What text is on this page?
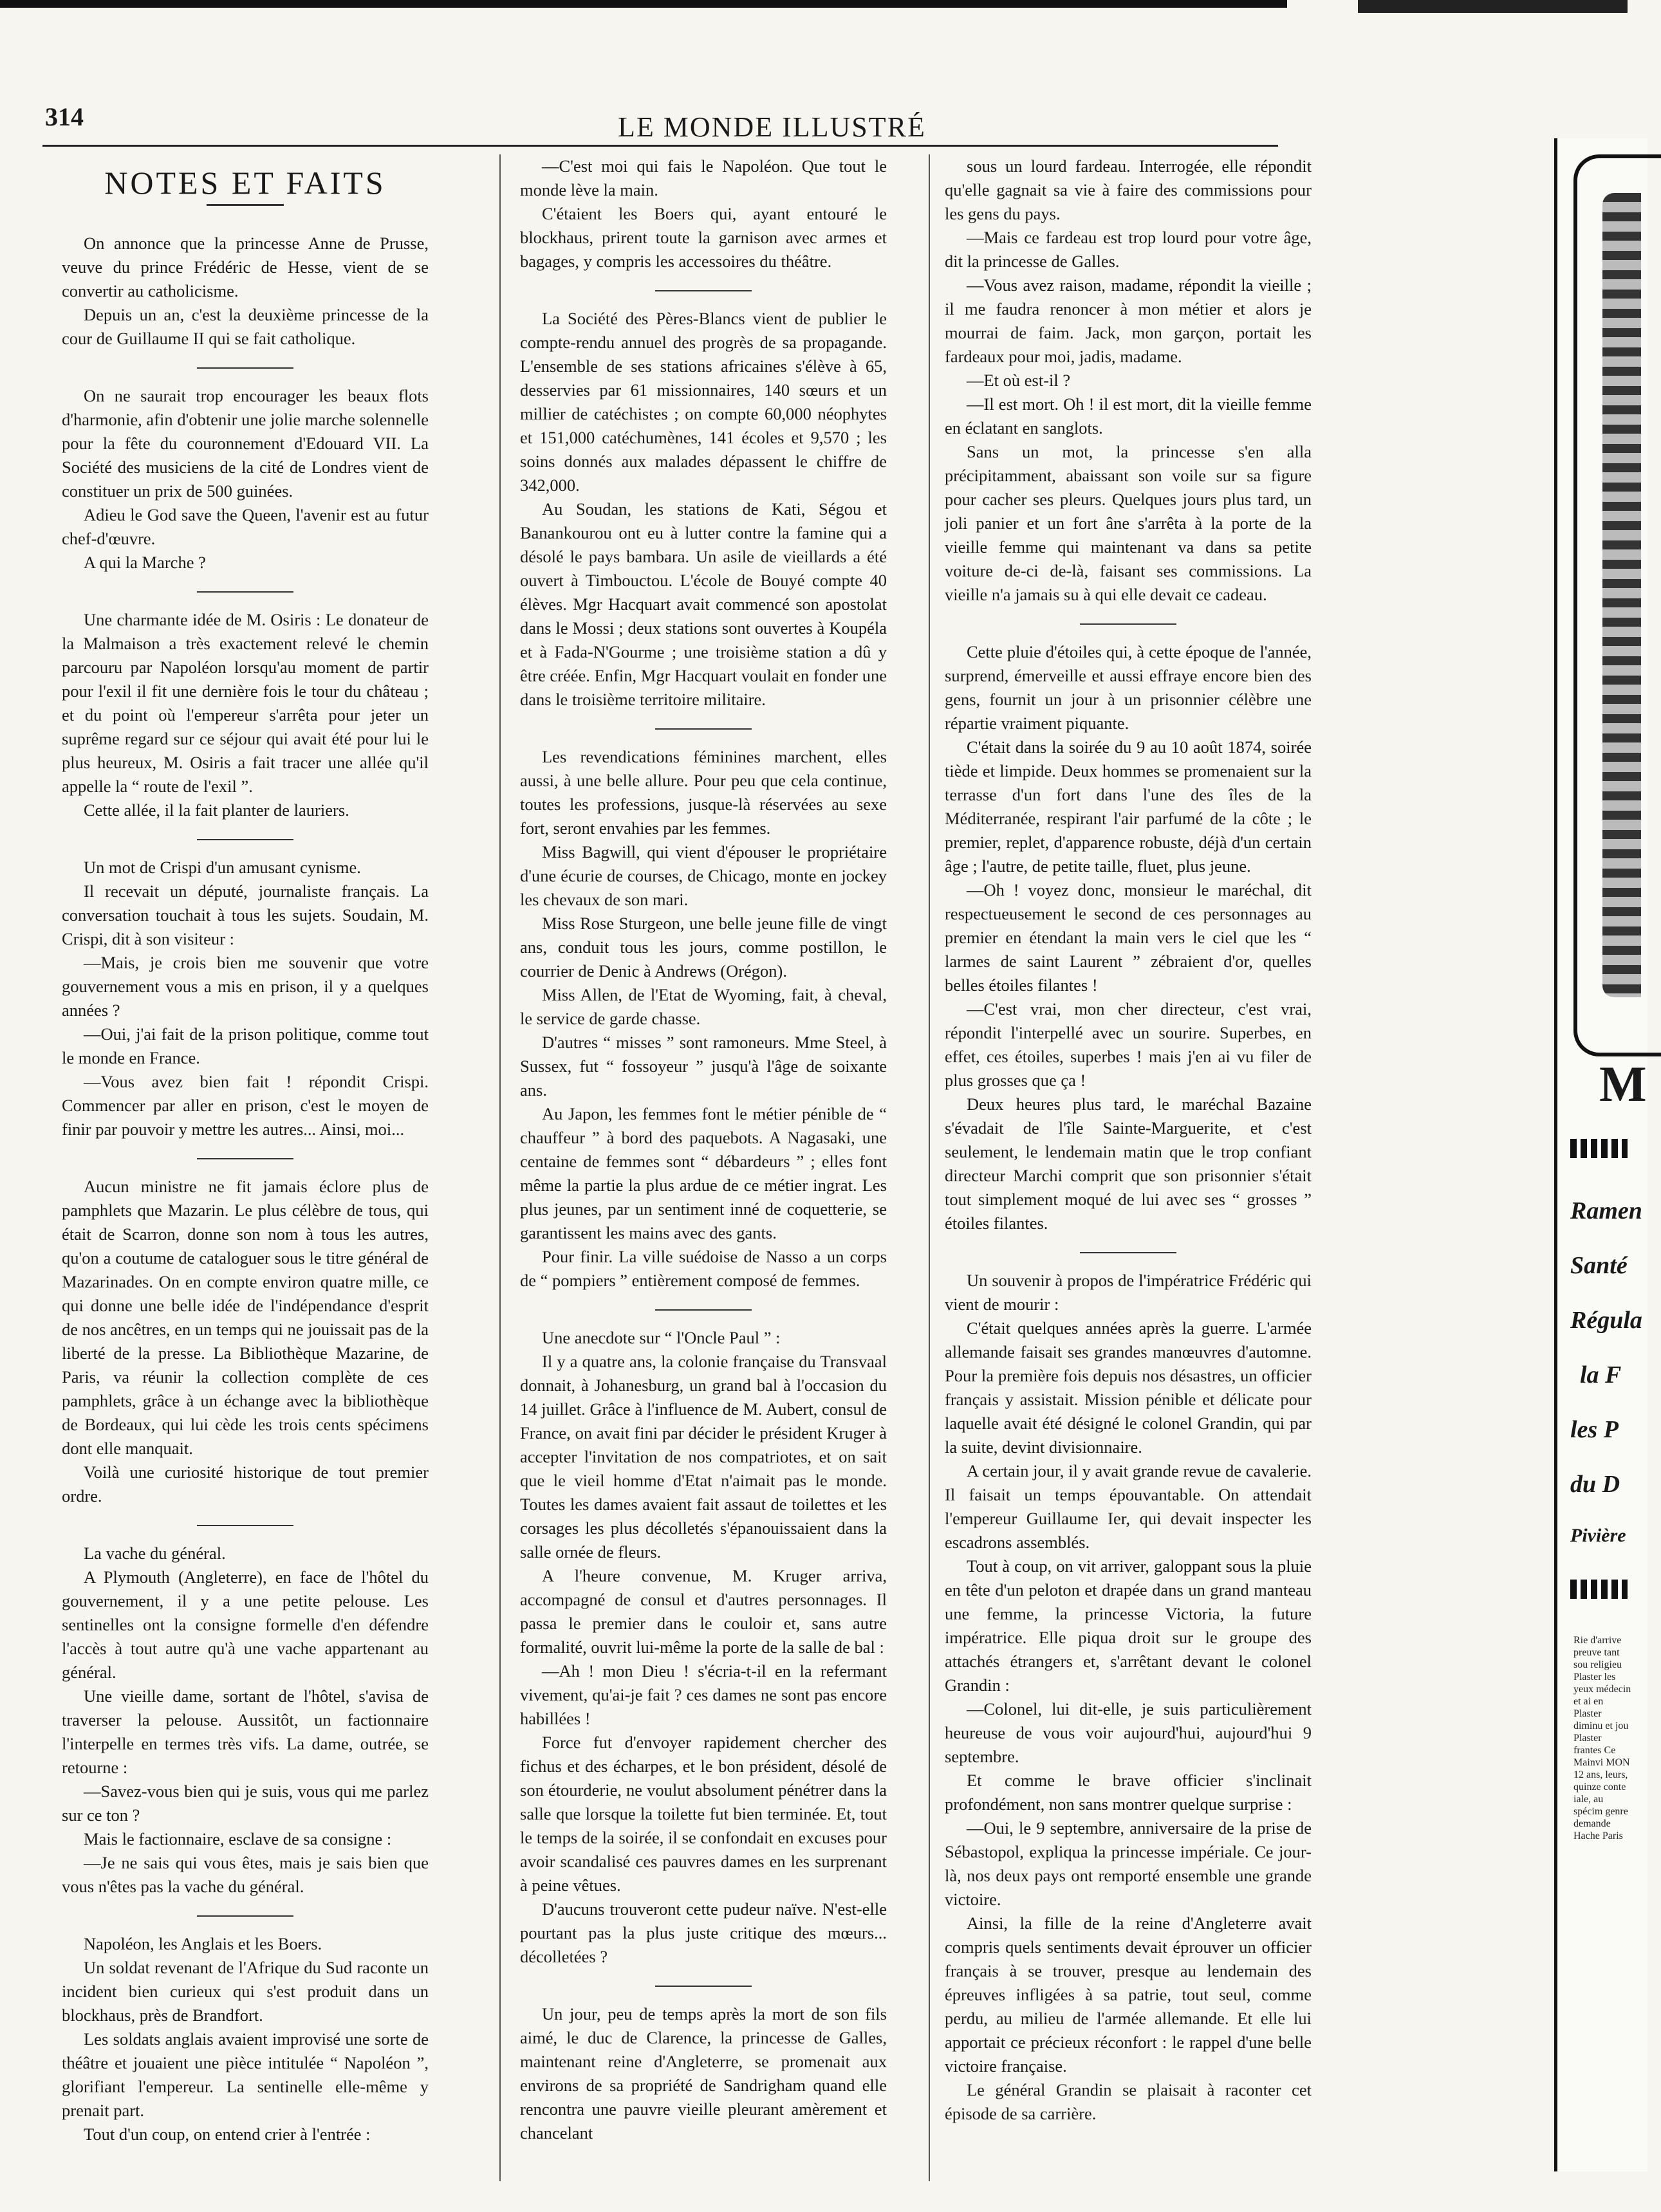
314	LE MONDE ILLUSTRÉ
NOTES ET FAITS

On annonce que la princesse Anne de Prusse, veuve du prince Frédéric de Hesse, vient de se convertir au catholicisme.

Depuis un an, c'est la deuxième princesse de la cour de Guillaume II qui se fait catholique.

On ne saurait trop encourager les beaux flots d'harmonie, afin d'obtenir une jolie marche solennelle pour la fête du couronnement d'Edouard VII. La Société des musiciens de la cité de Londres vient de constituer un prix de 500 guinées.

Adieu le God save the Queen, l'avenir est au futur chef-d'œuvre.

A qui la Marche ?

Une charmante idée de M. Osiris : Le donateur de la Malmaison a très exactement relevé le chemin parcouru par Napoléon lorsqu'au moment de partir pour l'exil il fit une dernière fois le tour du château ; et du point où l'empereur s'arrêta pour jeter un suprême regard sur ce séjour qui avait été pour lui le plus heureux, M. Osiris a fait tracer une allée qu'il appelle la “ route de l'exil ”.

Cette allée, il la fait planter de lauriers.

Un mot de Crispi d'un amusant cynisme.

Il recevait un député, journaliste français. La conversation touchait à tous les sujets. Soudain, M. Crispi, dit à son visiteur :

—Mais, je crois bien me souvenir que votre gouvernement vous a mis en prison, il y a quelques années ?

—Oui, j'ai fait de la prison politique, comme tout le monde en France.

—Vous avez bien fait ! répondit Crispi. Commencer par aller en prison, c'est le moyen de finir par pouvoir y mettre les autres... Ainsi, moi...

Aucun ministre ne fit jamais éclore plus de pamphlets que Mazarin. Le plus célèbre de tous, qui était de Scarron, donne son nom à tous les autres, qu'on a coutume de cataloguer sous le titre général de Mazarinades. On en compte environ quatre mille, ce qui donne une belle idée de l'indépendance d'esprit de nos ancêtres, en un temps qui ne jouissait pas de la liberté de la presse. La Bibliothèque Mazarine, de Paris, va réunir la collection complète de ces pamphlets, grâce à un échange avec la bibliothèque de Bordeaux, qui lui cède les trois cents spécimens dont elle manquait.

Voilà une curiosité historique de tout premier ordre.

La vache du général.

A Plymouth (Angleterre), en face de l'hôtel du gouvernement, il y a une petite pelouse. Les sentinelles ont la consigne formelle d'en défendre l'accès à tout autre qu'à une vache appartenant au général.

Une vieille dame, sortant de l'hôtel, s'avisa de traverser la pelouse. Aussitôt, un factionnaire l'interpelle en termes très vifs. La dame, outrée, se retourne :

—Savez-vous bien qui je suis, vous qui me parlez sur ce ton ?

Mais le factionnaire, esclave de sa consigne :

—Je ne sais qui vous êtes, mais je sais bien que vous n'êtes pas la vache du général.

Napoléon, les Anglais et les Boers.

Un soldat revenant de l'Afrique du Sud raconte un incident bien curieux qui s'est produit dans un blockhaus, près de Brandfort.

Les soldats anglais avaient improvisé une sorte de théâtre et jouaient une pièce intitulée “ Napoléon ”, glorifiant l'empereur. La sentinelle elle-même y prenait part.

Tout d'un coup, on entend crier à l'entrée :

—C'est moi qui fais le Napoléon. Que tout le monde lève la main.

C'étaient les Boers qui, ayant entouré le blockhaus, prirent toute la garnison avec armes et bagages, y compris les accessoires du théâtre.

La Société des Pères-Blancs vient de publier le compte-rendu annuel des progrès de sa propagande. L'ensemble de ses stations africaines s'élève à 65, desservies par 61 missionnaires, 140 sœurs et un millier de catéchistes ; on compte 60,000 néophytes et 151,000 catéchumènes, 141 écoles et 9,570 ; les soins donnés aux malades dépassent le chiffre de 342,000.

Au Soudan, les stations de Kati, Ségou et Banankourou ont eu à lutter contre la famine qui a désolé le pays bambara. Un asile de vieillards a été ouvert à Timbouctou. L'école de Bouyé compte 40 élèves. Mgr Hacquart avait commencé son apostolat dans le Mossi ; deux stations sont ouvertes à Koupéla et à Fada-N'Gourme ; une troisième station a dû y être créée. Enfin, Mgr Hacquart voulait en fonder une dans le troisième territoire militaire.

Les revendications féminines marchent, elles aussi, à une belle allure. Pour peu que cela continue, toutes les professions, jusque-là réservées au sexe fort, seront envahies par les femmes.

Miss Bagwill, qui vient d'épouser le propriétaire d'une écurie de courses, de Chicago, monte en jockey les chevaux de son mari.

Miss Rose Sturgeon, une belle jeune fille de vingt ans, conduit tous les jours, comme postillon, le courrier de Denic à Andrews (Orégon).

Miss Allen, de l'Etat de Wyoming, fait, à cheval, le service de garde chasse.

D'autres “ misses ” sont ramoneurs. Mme Steel, à Sussex, fut “ fossoyeur ” jusqu'à l'âge de soixante ans.

Au Japon, les femmes font le métier pénible de “ chauffeur ” à bord des paquebots. A Nagasaki, une centaine de femmes sont “ débardeurs ” ; elles font même la partie la plus ardue de ce métier ingrat. Les plus jeunes, par un sentiment inné de coquetterie, se garantissent les mains avec des gants.

Pour finir. La ville suédoise de Nasso a un corps de “ pompiers ” entièrement composé de femmes.

Une anecdote sur “ l'Oncle Paul ” :

Il y a quatre ans, la colonie française du Transvaal donnait, à Johanesburg, un grand bal à l'occasion du 14 juillet. Grâce à l'influence de M. Aubert, consul de France, on avait fini par décider le président Kruger à accepter l'invitation de nos compatriotes, et on sait que le vieil homme d'Etat n'aimait pas le monde. Toutes les dames avaient fait assaut de toilettes et les corsages les plus décolletés s'épanouissaient dans la salle ornée de fleurs.

A l'heure convenue, M. Kruger arriva, accompagné de consul et d'autres personnages. Il passa le premier dans le couloir et, sans autre formalité, ouvrit lui-même la porte de la salle de bal :

—Ah ! mon Dieu ! s'écria-t-il en la refermant vivement, qu'ai-je fait ? ces dames ne sont pas encore habillées !

Force fut d'envoyer rapidement chercher des fichus et des écharpes, et le bon président, désolé de son étourderie, ne voulut absolument pénétrer dans la salle que lorsque la toilette fut bien terminée. Et, tout le temps de la soirée, il se confondait en excuses pour avoir scandalisé ces pauvres dames en les surprenant à peine vêtues.

D'aucuns trouveront cette pudeur naïve. N'est-elle pourtant pas la plus juste critique des mœurs... décolletées ?

Un jour, peu de temps après la mort de son fils aimé, le duc de Clarence, la princesse de Galles, maintenant reine d'Angleterre, se promenait aux environs de sa propriété de Sandrigham quand elle rencontra une pauvre vieille pleurant amèrement et chancelant

sous un lourd fardeau. Interrogée, elle répondit qu'elle gagnait sa vie à faire des commissions pour les gens du pays.

—Mais ce fardeau est trop lourd pour votre âge, dit la princesse de Galles.

—Vous avez raison, madame, répondit la vieille ; il me faudra renoncer à mon métier et alors je mourrai de faim. Jack, mon garçon, portait les fardeaux pour moi, jadis, madame.

—Et où est-il ?

—Il est mort. Oh ! il est mort, dit la vieille femme en éclatant en sanglots.

Sans un mot, la princesse s'en alla précipitamment, abaissant son voile sur sa figure pour cacher ses pleurs. Quelques jours plus tard, un joli panier et un fort âne s'arrêta à la porte de la vieille femme qui maintenant va dans sa petite voiture de-ci de-là, faisant ses commissions. La vieille n'a jamais su à qui elle devait ce cadeau.

Cette pluie d'étoiles qui, à cette époque de l'année, surprend, émerveille et aussi effraye encore bien des gens, fournit un jour à un prisonnier célèbre une répartie vraiment piquante.

C'était dans la soirée du 9 au 10 août 1874, soirée tiède et limpide. Deux hommes se promenaient sur la terrasse d'un fort dans l'une des îles de la Méditerranée, respirant l'air parfumé de la côte ; le premier, replet, d'apparence robuste, déjà d'un certain âge ; l'autre, de petite taille, fluet, plus jeune.

—Oh ! voyez donc, monsieur le maréchal, dit respectueusement le second de ces personnages au premier en étendant la main vers le ciel que les “ larmes de saint Laurent ” zébraient d'or, quelles belles étoiles filantes !

—C'est vrai, mon cher directeur, c'est vrai, répondit l'interpellé avec un sourire. Superbes, en effet, ces étoiles, superbes ! mais j'en ai vu filer de plus grosses que ça !

Deux heures plus tard, le maréchal Bazaine s'évadait de l'île Sainte-Marguerite, et c'est seulement, le lendemain matin que le trop confiant directeur Marchi comprit que son prisonnier s'était tout simplement moqué de lui avec ses “ grosses ” étoiles filantes.

Un souvenir à propos de l'impératrice Frédéric qui vient de mourir :

C'était quelques années après la guerre. L'armée allemande faisait ses grandes manœuvres d'automne. Pour la première fois depuis nos désastres, un officier français y assistait. Mission pénible et délicate pour laquelle avait été désigné le colonel Grandin, qui par la suite, devint divisionnaire.

A certain jour, il y avait grande revue de cavalerie. Il faisait un temps épouvantable. On attendait l'empereur Guillaume Ier, qui devait inspecter les escadrons assemblés.

Tout à coup, on vit arriver, galoppant sous la pluie en tête d'un peloton et drapée dans un grand manteau une femme, la princesse Victoria, la future impératrice. Elle piqua droit sur le groupe des attachés étrangers et, s'arrêtant devant le colonel Grandin :

—Colonel, lui dit-elle, je suis particulièrement heureuse de vous voir aujourd'hui, aujourd'hui 9 septembre.

Et comme le brave officier s'inclinait profondément, non sans montrer quelque surprise :

—Oui, le 9 septembre, anniversaire de la prise de Sébastopol, expliqua la princesse impériale. Ce jour-là, nos deux pays ont remporté ensemble une grande victoire.

Ainsi, la fille de la reine d'Angleterre avait compris quels sentiments devait éprouver un officier français à se trouver, presque au lendemain des épreuves infligées à sa patrie, tout seul, comme perdu, au milieu de l'armée allemande. Et elle lui apportait ce précieux réconfort : le rappel d'une belle victoire française.

Le général Grandin se plaisait à raconter cet épisode de sa carrière.

M
Ramen
Santé
Régula
la F
les P
du D
Pivière
Rie d'arrive preuve tant sou religieu Plaster les yeux médecin et ai en Plaster diminu et jou Plaster frantes Ce Mainvi MON 12 ans, leurs, quinze conte iale, au spécim genre demande Hache Paris
